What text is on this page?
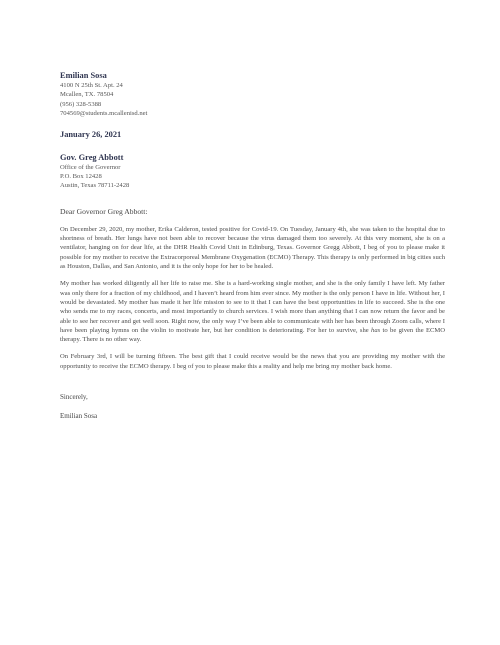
Emilian Sosa
4100 N 25th St. Apt. 24
Mcallen, TX. 78504
(956) 328-5388
704569@students.mcallenisd.net
January 26, 2021
Gov. Greg Abbott
Office of the Governor
P.O. Box 12428
Austin, Texas 78711-2428
Dear Governor Greg Abbott:

On December 29, 2020, my mother, Erika Calderon, tested positive for Covid-19. On Tuesday, January 4th, she was taken to the hospital due to shortness of breath. Her lungs have not been able to recover because the virus damaged them too severely. At this very moment, she is on a ventilator, hanging on for dear life, at the DHR Health Covid Unit in Edinburg, Texas. Governor Gregg Abbott, I beg of you to please make it possible for my mother to receive the Extracorporeal Membrane Oxygenation (ECMO) Therapy. This therapy is only performed in big cities such as Houston, Dallas, and San Antonio, and it is the only hope for her to be healed.

My mother has worked diligently all her life to raise me. She is a hard-working single mother, and she is the only family I have left. My father was only there for a fraction of my childhood, and I haven’t heard from him ever since. My mother is the only person I have in life. Without her, I would be devastated. My mother has made it her life mission to see to it that I can have the best opportunities in life to succeed. She is the one who sends me to my races, concerts, and most importantly to church services. I wish more than anything that I can now return the favor and be able to see her recover and get well soon. Right now, the only way I’ve been able to communicate with her has been through Zoom calls, where I have been playing hymns on the violin to motivate her, but her condition is deteriorating. For her to survive, she has to be given the ECMO therapy. There is no other way.

On February 3rd, I will be turning fifteen. The best gift that I could receive would be the news that you are providing my mother with the opportunity to receive the ECMO therapy. I beg of you to please make this a reality and help me bring my mother back home.

Sincerely,
Emilian Sosa
